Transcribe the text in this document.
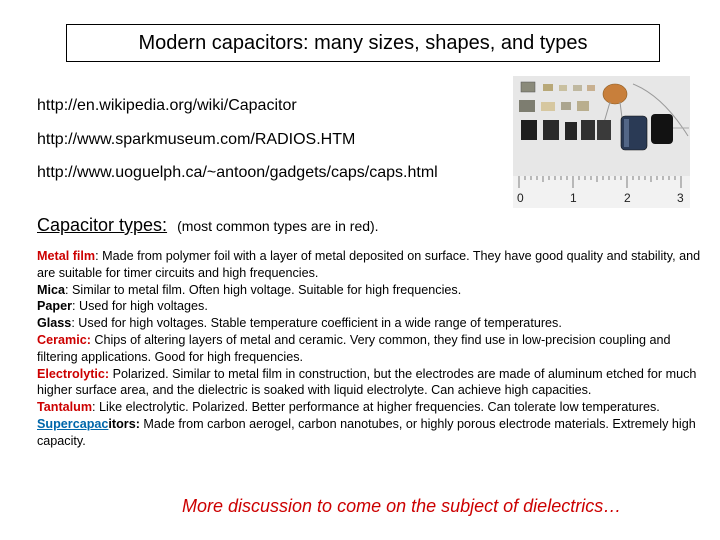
Modern capacitors: many sizes, shapes, and types
http://en.wikipedia.org/wiki/Capacitor
http://www.sparkmuseum.com/RADIOS.HTM
http://www.uoguelph.ca/~antoon/gadgets/caps/caps.html
0	1	2	3
Capacitor types: (most common types are in red).

Metal film: Made from polymer foil with a layer of metal deposited on surface. They have good quality and stability, and are suitable for timer circuits and high frequencies.

Mica: Similar to metal film. Often high voltage. Suitable for high frequencies.

Paper: Used for high voltages.

Glass: Used for high voltages. Stable temperature coefficient in a wide range of temperatures.

Ceramic: Chips of altering layers of metal and ceramic. Very common, they find use in low-precision coupling and filtering applications. Good for high frequencies.

Electrolytic: Polarized. Similar to metal film in construction, but the electrodes are made of aluminum etched for much higher surface area, and the dielectric is soaked with liquid electrolyte. Can achieve high capacities.

Tantalum: Like electrolytic. Polarized. Better performance at higher frequencies. Can tolerate low temperatures.

Supercapacitors: Made from carbon aerogel, carbon nanotubes, or highly porous electrode materials. Extremely high capacity.

More discussion to come on the subject of dielectrics…
